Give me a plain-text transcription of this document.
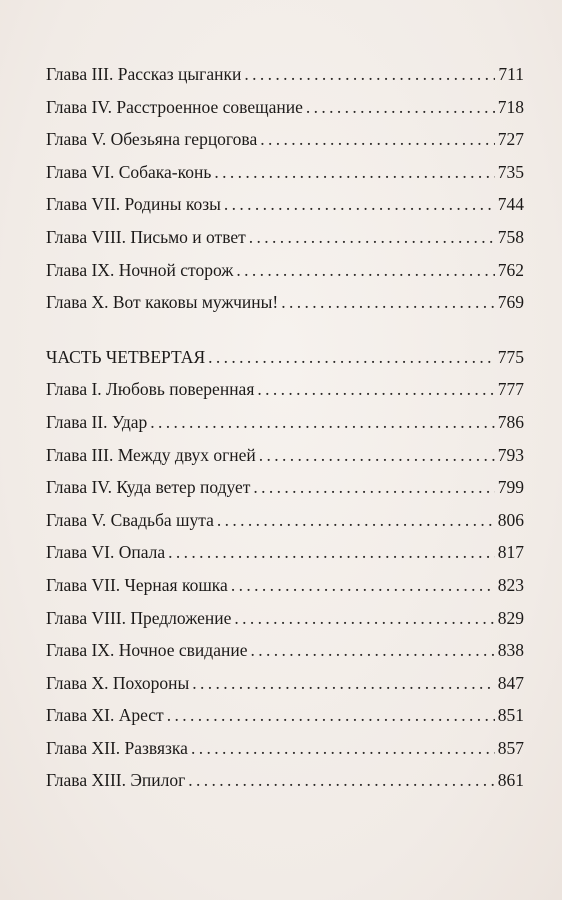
Глава III. Рассказ цыганки . . .	711
Глава IV. Расстроенное совещание . . .	718
Глава V. Обезьяна герцогова . . .	727
Глава VI. Собака-конь . . .	735
Глава VII. Родины козы . . .	744
Глава VIII. Письмо и ответ . . .	758
Глава IX. Ночной сторож . . .	762
Глава X. Вот каковы мужчины! . . .	769
ЧАСТЬ ЧЕТВЕРТАЯ . . .	775
Глава I. Любовь поверенная . . .	777
Глава II. Удар . . .	786
Глава III. Между двух огней . . .	793
Глава IV. Куда ветер подует . . .	799
Глава V. Свадьба шута . . .	806
Глава VI. Опала . . .	817
Глава VII. Черная кошка . . .	823
Глава VIII. Предложение . . .	829
Глава IX. Ночное свидание . . .	838
Глава X. Похороны . . .	847
Глава XI. Арест . . .	851
Глава XII. Развязка . . .	857
Глава XIII. Эпилог . . .	861
